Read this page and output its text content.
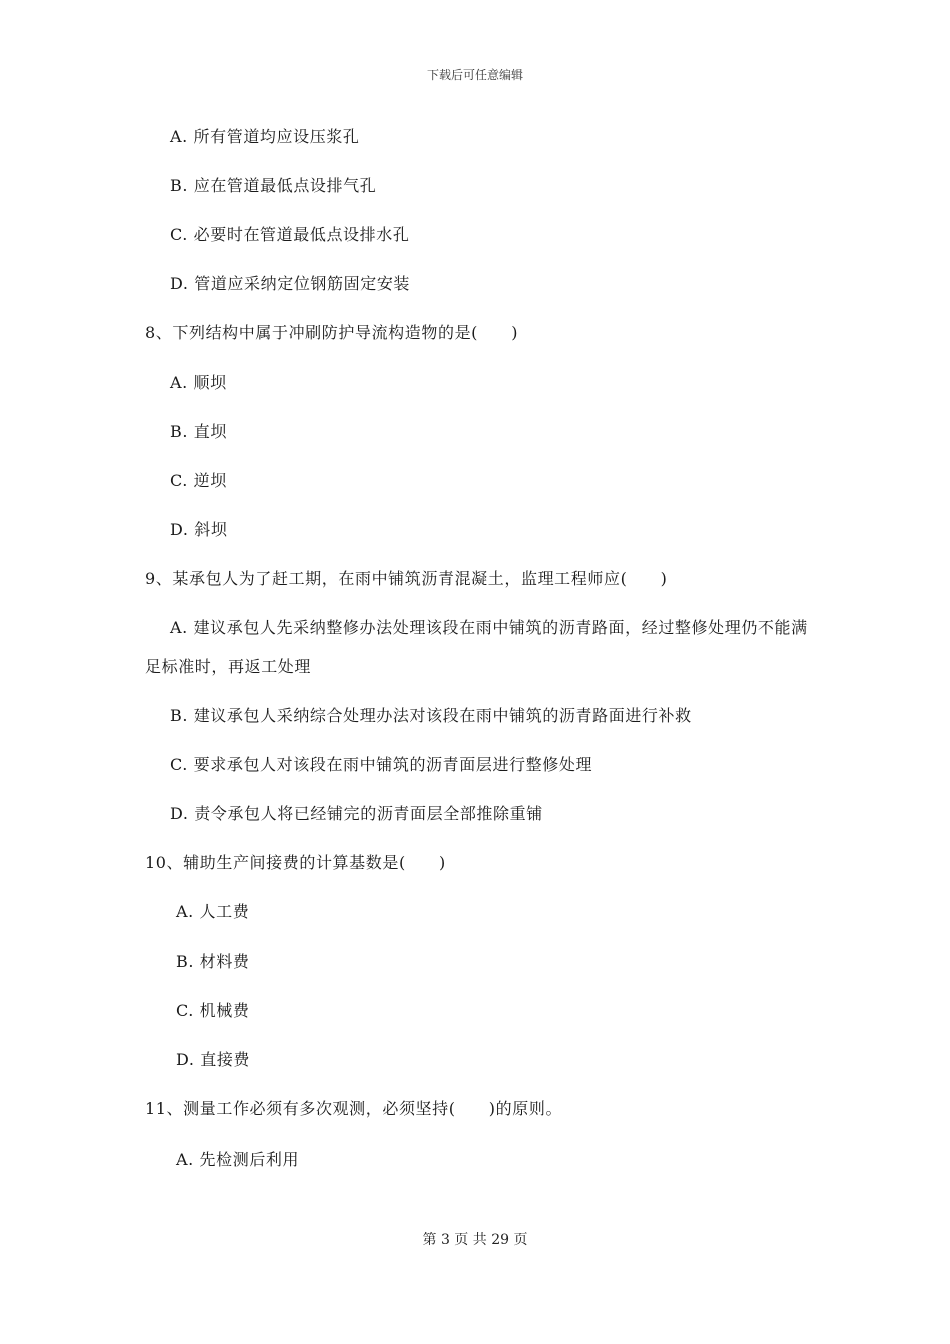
下载后可任意编辑
A. 所有管道均应设压浆孔
B. 应在管道最低点设排气孔
C. 必要时在管道最低点设排水孔
D. 管道应采纳定位钢筋固定安装
8、下列结构中属于冲刷防护导流构造物的是(　　)
A. 顺坝
B. 直坝
C. 逆坝
D. 斜坝
9、某承包人为了赶工期，在雨中铺筑沥青混凝土，监理工程师应(　　)
A. 建议承包人先采纳整修办法处理该段在雨中铺筑的沥青路面，经过整修处理仍不能满
足标准时，再返工处理
B. 建议承包人采纳综合处理办法对该段在雨中铺筑的沥青路面进行补救
C. 要求承包人对该段在雨中铺筑的沥青面层进行整修处理
D. 责令承包人将已经铺完的沥青面层全部推除重铺
10、辅助生产间接费的计算基数是(　　)
A. 人工费
B. 材料费
C. 机械费
D. 直接费
11、测量工作必须有多次观测，必须坚持(　　)的原则。
A. 先检测后利用
第 3 页 共 29 页
